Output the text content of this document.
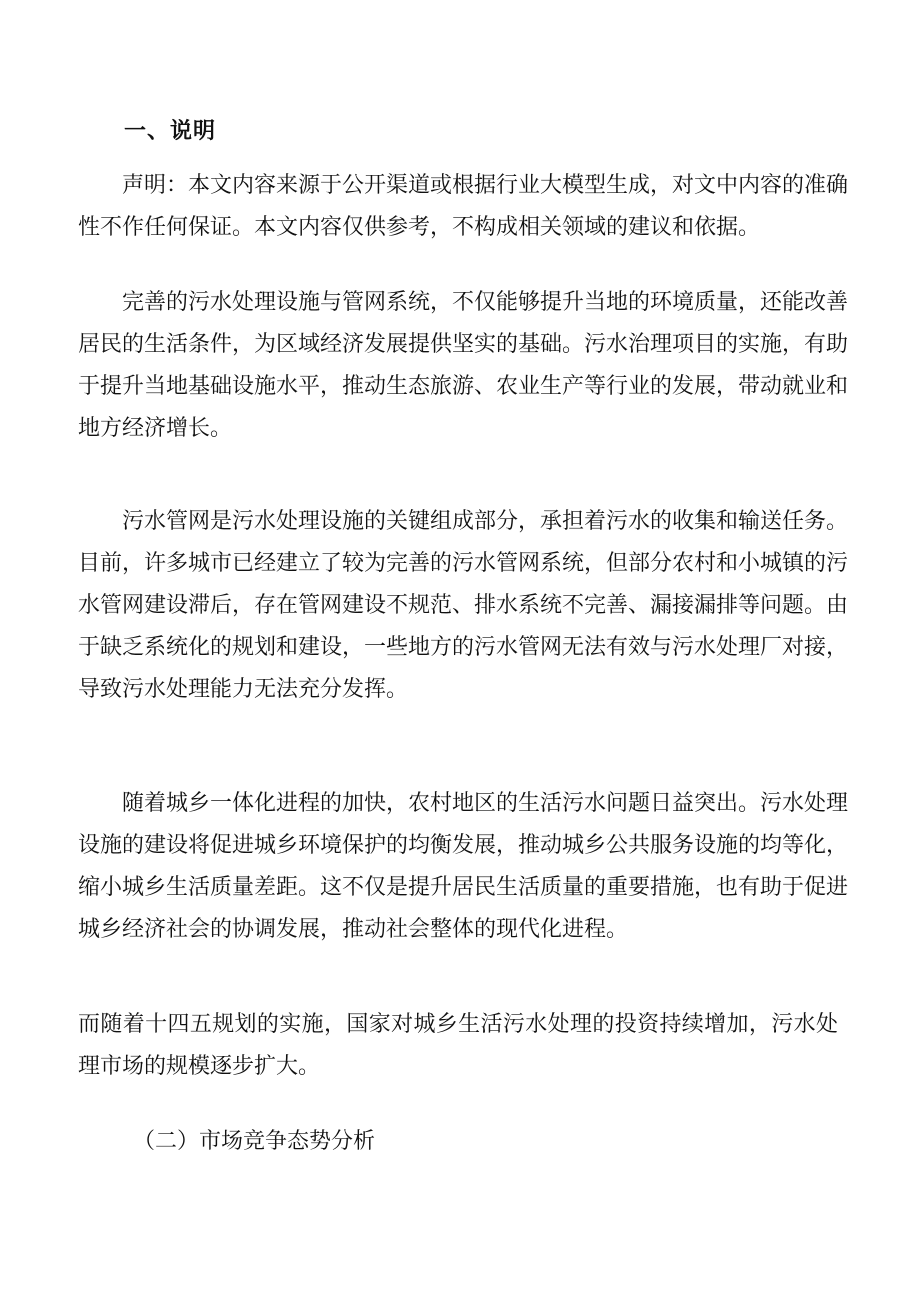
一、说明

声明：本文内容来源于公开渠道或根据行业大模型生成，对文中内容的准确性不作任何保证。本文内容仅供参考，不构成相关领域的建议和依据。

完善的污水处理设施与管网系统，不仅能够提升当地的环境质量，还能改善居民的生活条件，为区域经济发展提供坚实的基础。污水治理项目的实施，有助于提升当地基础设施水平，推动生态旅游、农业生产等行业的发展，带动就业和地方经济增长。

污水管网是污水处理设施的关键组成部分，承担着污水的收集和输送任务。目前，许多城市已经建立了较为完善的污水管网系统，但部分农村和小城镇的污水管网建设滞后，存在管网建设不规范、排水系统不完善、漏接漏排等问题。由于缺乏系统化的规划和建设，一些地方的污水管网无法有效与污水处理厂对接，导致污水处理能力无法充分发挥。

随着城乡一体化进程的加快，农村地区的生活污水问题日益突出。污水处理设施的建设将促进城乡环境保护的均衡发展，推动城乡公共服务设施的均等化，缩小城乡生活质量差距。这不仅是提升居民生活质量的重要措施，也有助于促进城乡经济社会的协调发展，推动社会整体的现代化进程。

而随着十四五规划的实施，国家对城乡生活污水处理的投资持续增加，污水处理市场的规模逐步扩大。

（二）市场竞争态势分析
